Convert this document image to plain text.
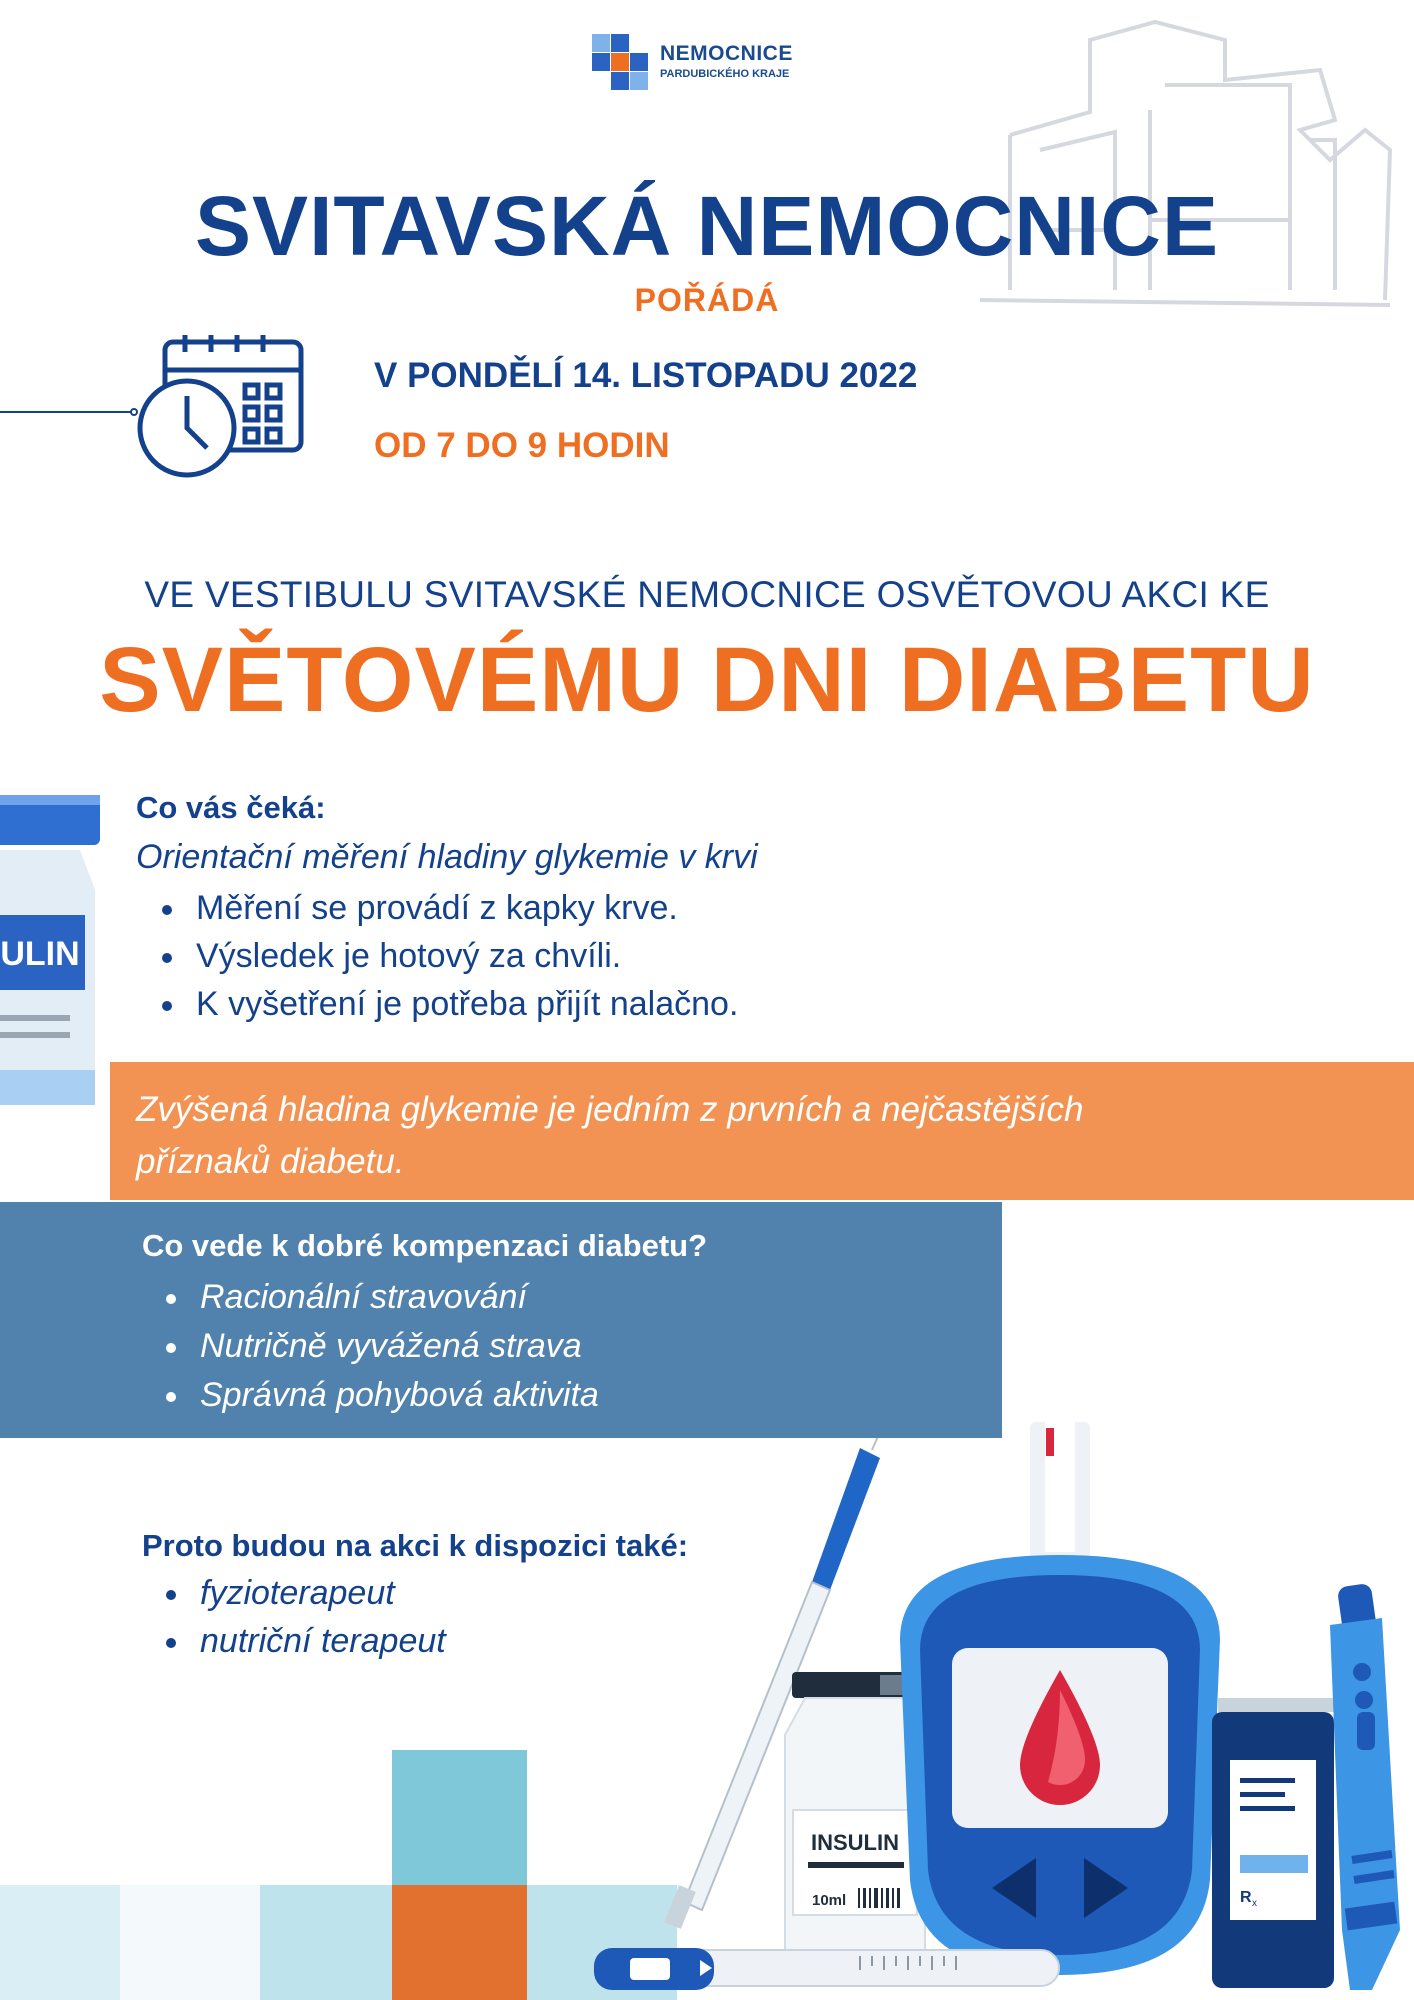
ULIN
INSULIN
10ml	R x
NEMOCNICE
PARDUBICKÉHO KRAJE
SVITAVSKÁ NEMOCNICE
POŘÁDÁ
V PONDĚLÍ 14. LISTOPADU 2022
OD 7 DO 9 HODIN
VE VESTIBULU SVITAVSKÉ NEMOCNICE OSVĚTOVOU AKCI KE
SVĚTOVÉMU DNI DIABETU
Co vás čeká:
Orientační měření hladiny glykemie v krvi
Měření se provádí z kapky krve.
Výsledek je hotový za chvíli.
K vyšetření je potřeba přijít nalačno.
Zvýšená hladina glykemie je jedním z prvních a nejčastějších
příznaků diabetu.
Co vede k dobré kompenzaci diabetu?
Racionální stravování
Nutričně vyvážená strava
Správná pohybová aktivita
Proto budou na akci k dispozici také:
fyzioterapeut
nutriční terapeut
